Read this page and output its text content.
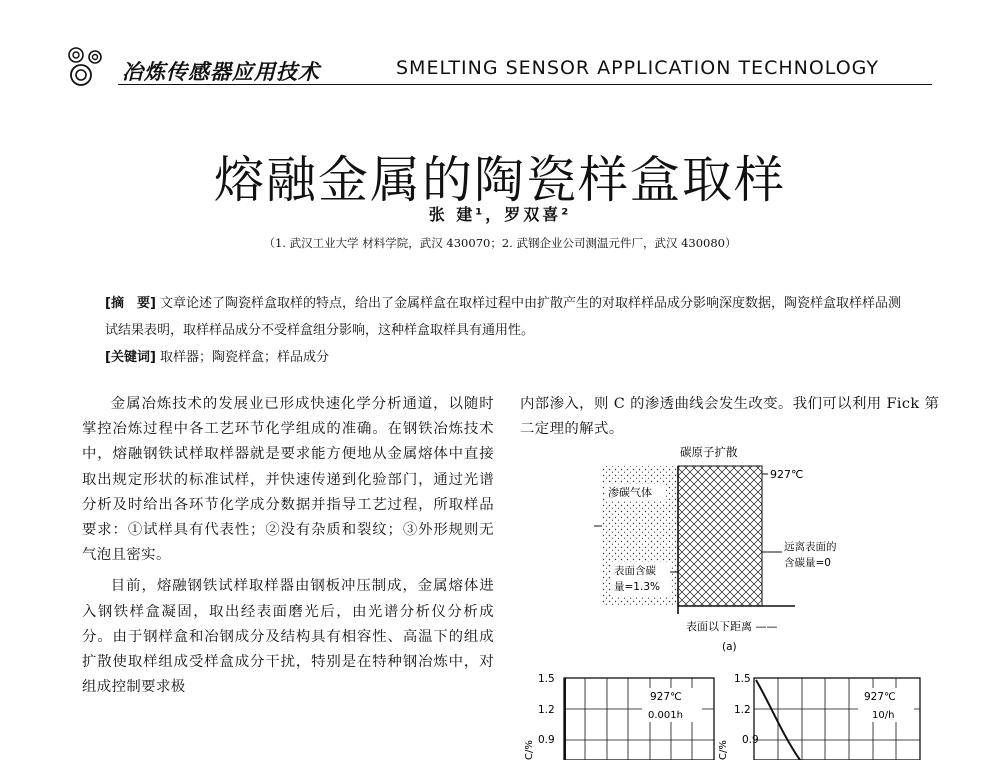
冶炼传感器应用技术	SMELTING SENSOR APPLICATION TECHNOLOGY
熔融金属的陶瓷样盒取样
张 建¹，罗双喜²
（1. 武汉工业大学 材料学院，武汉 430070；2. 武钢企业公司测温元件厂，武汉 430080）
[摘　要] 文章论述了陶瓷样盒取样的特点，给出了金属样盒在取样过程中由扩散产生的对取样样品成分影响深度数据，陶瓷样盒取样样品测试结果表明，取样样品成分不受样盒组分影响，这种样盒取样具有通用性。
[关键词] 取样器；陶瓷样盒；样品成分

金属冶炼技术的发展业已形成快速化学分析通道，以随时掌控冶炼过程中各工艺环节化学组成的准确。在钢铁冶炼技术中，熔融钢铁试样取样器就是要求能方便地从金属熔体中直接取出规定形状的标准试样，并快速传递到化验部门，通过光谱分析及时给出各环节化学成分数据并指导工艺过程，所取样品要求：①试样具有代表性；②没有杂质和裂纹；③外形规则无气泡且密实。

目前，熔融钢铁试样取样器由钢板冲压制成，金属熔体进入钢铁样盒凝固，取出经表面磨光后，由光谱分析仪分析成分。由于钢样盒和冶钢成分及结构具有相容性、高温下的组成扩散使取样组成受样盒成分干扰，特别是在特种钢冶炼中，对组成控制要求极

内部渗入，则 C 的渗透曲线会发生改变。我们可以利用 Fick 第二定理的解式。

碳原子扩散
渗碳气体
表面含碳
量=1.3%
927℃
远离表面的
含碳量=0
表面以下距离 ——
(a)
1.5
1.2
0.9
C/%
927℃
0.001h
1.5
1.2
0.9
C/%
927℃
10/h
